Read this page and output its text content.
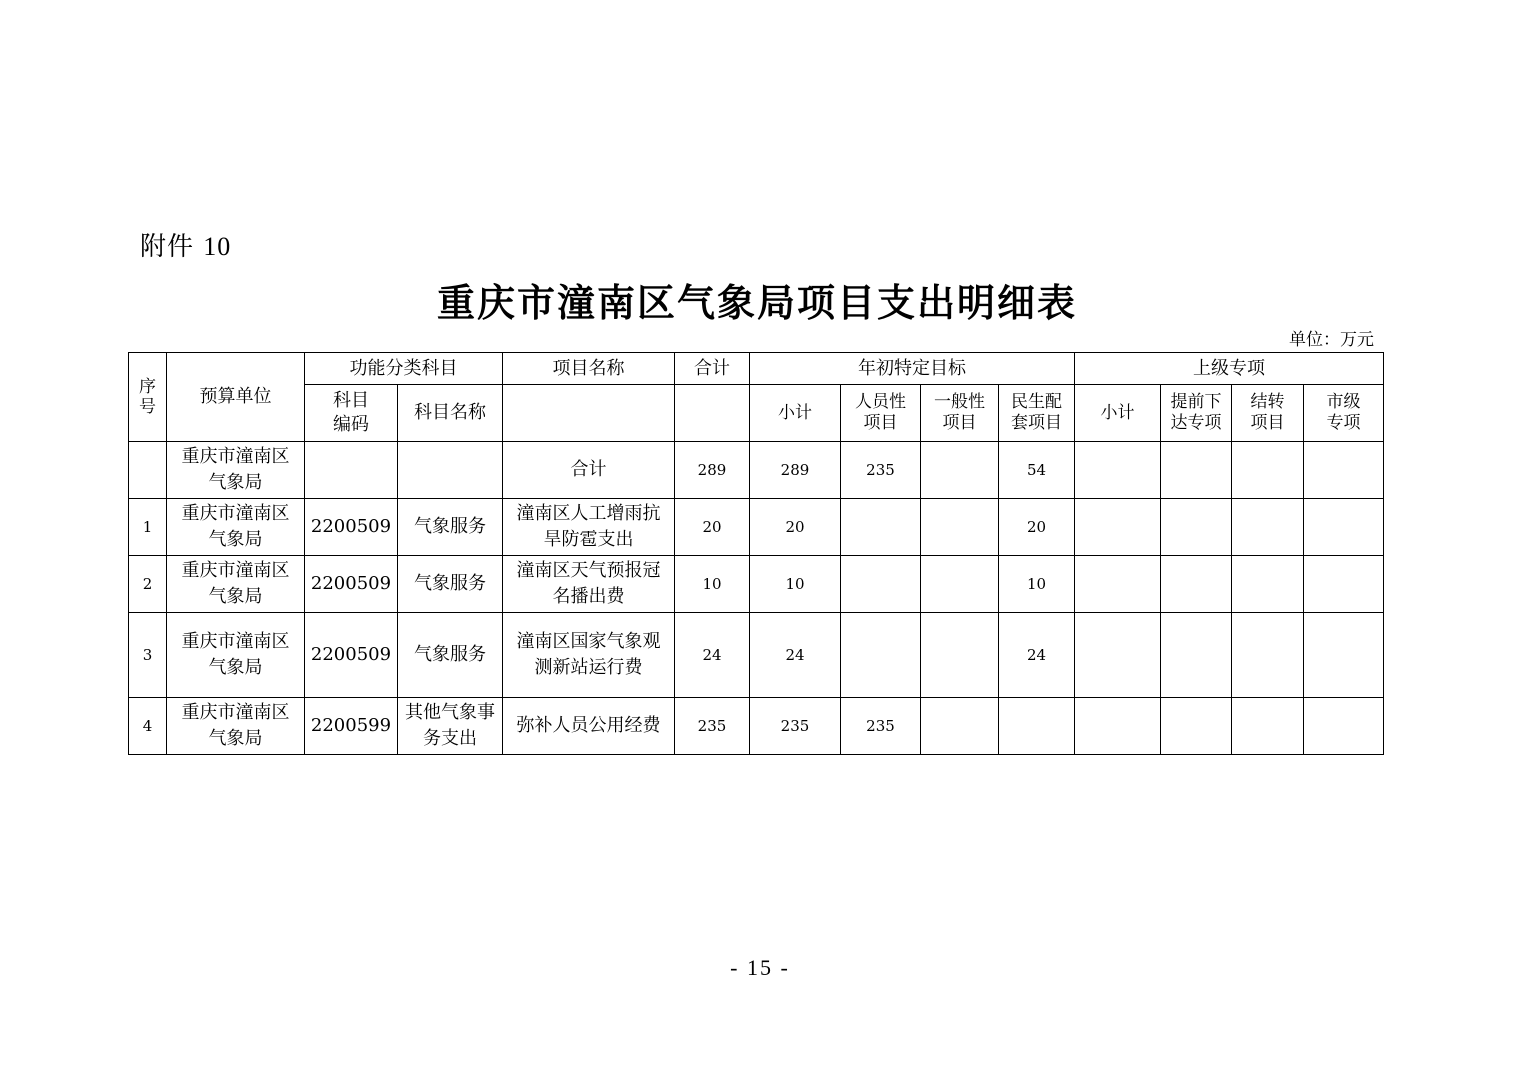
附件 10
重庆市潼南区气象局项目支出明细表
单位：万元
序号	预算单位	功能分类科目		项目名称	合计	年初特定目标				上级专项			

		科目编码	科目名称			小计	人员性项目	一般性项目	民生配套项目	小计	提前下达专项	结转项目	市级专项

	重庆市潼南区气象局			合计	289	289	235		54				
1	重庆市潼南区气象局	2200509	气象服务	潼南区人工增雨抗旱防雹支出	20	20			20				
2	重庆市潼南区气象局	2200509	气象服务	潼南区天气预报冠名播出费	10	10			10				
3	重庆市潼南区气象局	2200509	气象服务	潼南区国家气象观测新站运行费	24	24			24				
4	重庆市潼南区气象局	2200599	其他气象事务支出	弥补人员公用经费	235	235	235						
- 15 -
